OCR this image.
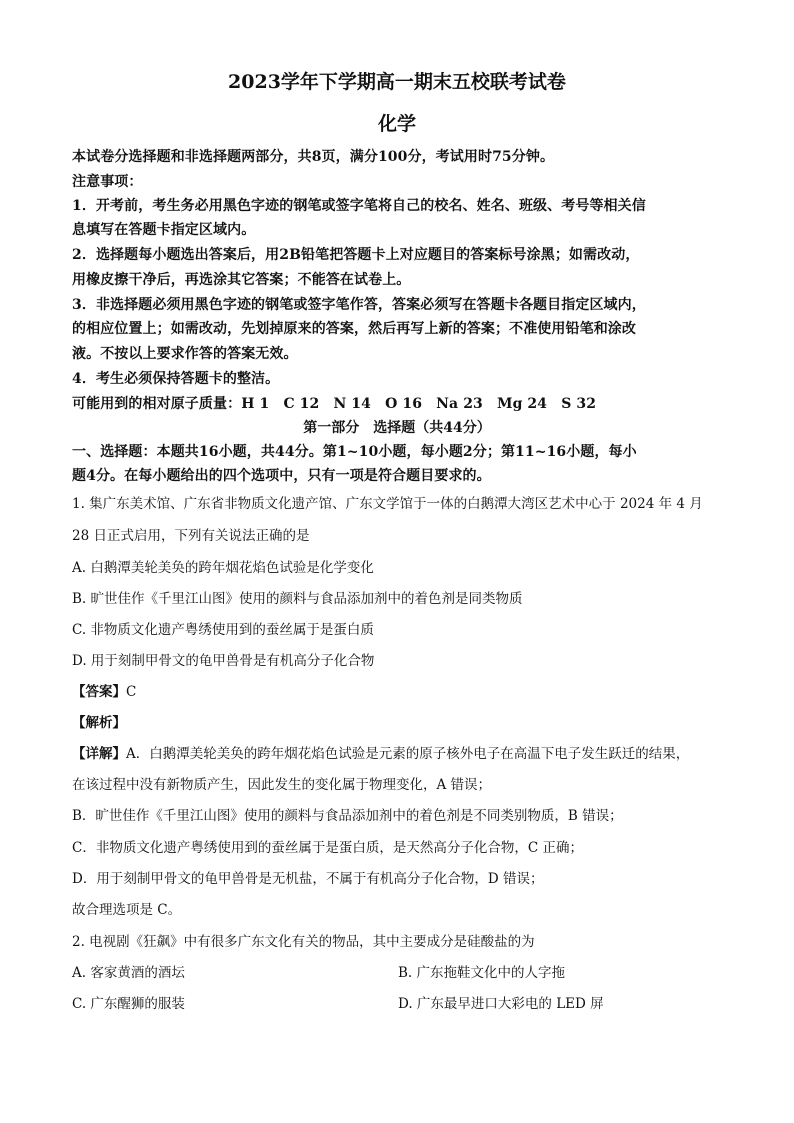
2023学年下学期高一期末五校联考试卷
化学
本试卷分选择题和非选择题两部分，共8页，满分100分，考试用时75分钟。
注意事项：
1．开考前，考生务必用黑色字迹的钢笔或签字笔将自己的校名、姓名、班级、考号等相关信
息填写在答题卡指定区域内。
2．选择题每小题选出答案后，用2B铅笔把答题卡上对应题目的答案标号涂黑；如需改动，
用橡皮擦干净后，再选涂其它答案；不能答在试卷上。
3．非选择题必须用黑色字迹的钢笔或签字笔作答，答案必须写在答题卡各题目指定区域内，
的相应位置上；如需改动，先划掉原来的答案，然后再写上新的答案；不准使用铅笔和涂改
液。不按以上要求作答的答案无效。
4．考生必须保持答题卡的整洁。
可能用到的相对原子质量：H 1　C 12　N 14　O 16　Na 23　Mg 24　S 32
第一部分　选择题（共44分）
一、选择题：本题共16小题，共44分。第1~10小题，每小题2分；第11~16小题，每小
题4分。在每小题给出的四个选项中，只有一项是符合题目要求的。
1. 集广东美术馆、广东省非物质文化遗产馆、广东文学馆于一体的白鹅潭大湾区艺术中心于 2024 年 4 月
28 日正式启用，下列有关说法正确的是
A. 白鹅潭美轮美奂的跨年烟花焰色试验是化学变化
B. 旷世佳作《千里江山图》使用的颜料与食品添加剂中的着色剂是同类物质
C. 非物质文化遗产粤绣使用到的蚕丝属于是蛋白质
D. 用于刻制甲骨文的龟甲兽骨是有机高分子化合物
【答案】C
【解析】
【详解】A．白鹅潭美轮美奂的跨年烟花焰色试验是元素的原子核外电子在高温下电子发生跃迁的结果，
在该过程中没有新物质产生，因此发生的变化属于物理变化，A 错误；
B．旷世佳作《千里江山图》使用的颜料与食品添加剂中的着色剂是不同类别物质，B 错误；
C．非物质文化遗产粤绣使用到的蚕丝属于是蛋白质，是天然高分子化合物，C 正确；
D．用于刻制甲骨文的龟甲兽骨是无机盐，不属于有机高分子化合物，D 错误；
故合理选项是 C。
2. 电视剧《狂飙》中有很多广东文化有关的物品，其中主要成分是硅酸盐的为
A. 客家黄酒的酒坛	B. 广东拖鞋文化中的人字拖
C. 广东醒狮的服装	D. 广东最早进口大彩电的 LED 屏
